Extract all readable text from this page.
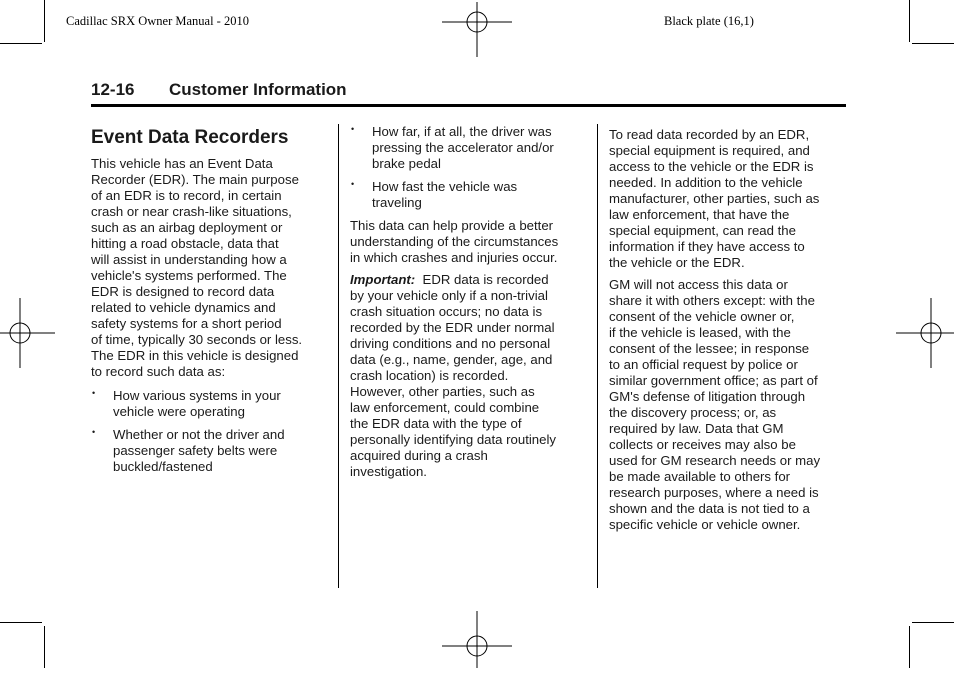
Cadillac SRX Owner Manual - 2010	Black plate (16,1)
12-16 Customer Information
Event Data Recorders

This vehicle has an Event Data
Recorder (EDR). The main purpose
of an EDR is to record, in certain
crash or near crash-like situations,
such as an airbag deployment or
hitting a road obstacle, data that
will assist in understanding how a
vehicle's systems performed. The
EDR is designed to record data
related to vehicle dynamics and
safety systems for a short period
of time, typically 30 seconds or less.
The EDR in this vehicle is designed
to record such data as:

• How various systems in your
vehicle were operating
• Whether or not the driver and
passenger safety belts were
buckled/fastened
• How far, if at all, the driver was
pressing the accelerator and/or
brake pedal
• How fast the vehicle was
traveling

This data can help provide a better
understanding of the circumstances
in which crashes and injuries occur.

Important: EDR data is recorded
by your vehicle only if a non-trivial
crash situation occurs; no data is
recorded by the EDR under normal
driving conditions and no personal
data (e.g., name, gender, age, and
crash location) is recorded.
However, other parties, such as
law enforcement, could combine
the EDR data with the type of
personally identifying data routinely
acquired during a crash
investigation.

To read data recorded by an EDR,
special equipment is required, and
access to the vehicle or the EDR is
needed. In addition to the vehicle
manufacturer, other parties, such as
law enforcement, that have the
special equipment, can read the
information if they have access to
the vehicle or the EDR.

GM will not access this data or
share it with others except: with the
consent of the vehicle owner or,
if the vehicle is leased, with the
consent of the lessee; in response
to an official request by police or
similar government office; as part of
GM's defense of litigation through
the discovery process; or, as
required by law. Data that GM
collects or receives may also be
used for GM research needs or may
be made available to others for
research purposes, where a need is
shown and the data is not tied to a
specific vehicle or vehicle owner.
